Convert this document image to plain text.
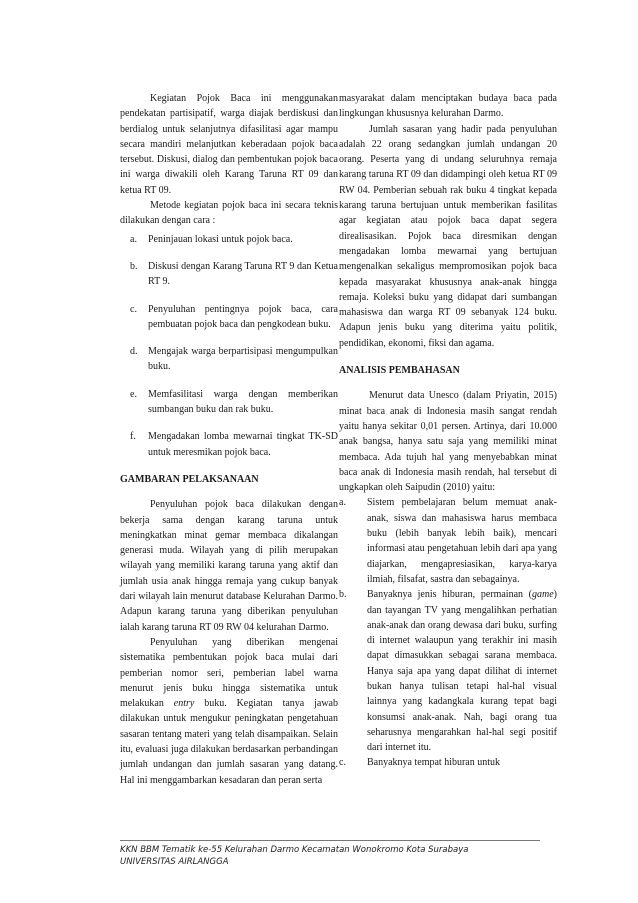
Kegiatan Pojok Baca ini menggunakan pendekatan partisipatif, warga diajak berdiskusi dan berdialog untuk selanjutnya difasilitasi agar mampu secara mandiri melanjutkan keberadaan pojok baca tersebut. Diskusi, dialog dan pembentukan pojok baca ini warga diwakili oleh Karang Taruna RT 09 dan ketua RT 09.

Metode kegiatan pojok baca ini secara teknis dilakukan dengan cara :

a. Peninjauan lokasi untuk pojok baca.
b. Diskusi dengan Karang Taruna RT 9 dan Ketua RT 9.
c. Penyuluhan pentingnya pojok baca, cara pembuatan pojok baca dan pengkodean buku.
d. Mengajak warga berpartisipasi mengumpulkan buku.
e. Memfasilitasi warga dengan memberikan sumbangan buku dan rak buku.
f. Mengadakan lomba mewarnai tingkat TK-SD untuk meresmikan pojok baca.
GAMBARAN PELAKSANAAN

Penyuluhan pojok baca dilakukan dengan bekerja sama dengan karang taruna untuk meningkatkan minat gemar membaca dikalangan generasi muda. Wilayah yang di pilih merupakan wilayah yang memiliki karang taruna yang aktif dan jumlah usia anak hingga remaja yang cukup banyak dari wilayah lain menurut database Kelurahan Darmo. Adapun karang taruna yang diberikan penyuluhan ialah karang taruna RT 09 RW 04 kelurahan Darmo.

Penyuluhan yang diberikan mengenai sistematika pembentukan pojok baca mulai dari pemberian nomor seri, pemberian label warna menurut jenis buku hingga sistematika untuk melakukan entry buku. Kegiatan tanya jawab dilakukan untuk mengukur peningkatan pengetahuan sasaran tentang materi yang telah disampaikan. Selain itu, evaluasi juga dilakukan berdasarkan perbandingan jumlah undangan dan jumlah sasaran yang datang. Hal ini menggambarkan kesadaran dan peran serta

masyarakat dalam menciptakan budaya baca pada lingkungan khususnya kelurahan Darmo.

Jumlah sasaran yang hadir pada penyuluhan adalah 22 orang sedangkan jumlah undangan 20 orang. Peserta yang di undang seluruhnya remaja karang taruna RT 09 dan didampingi oleh ketua RT 09 RW 04. Pemberian sebuah rak buku 4 tingkat kepada karang taruna bertujuan untuk memberikan fasilitas agar kegiatan atau pojok baca dapat segera direalisasikan. Pojok baca diresmikan dengan mengadakan lomba mewarnai yang bertujuan mengenalkan sekaligus mempromosikan pojok baca kepada masyarakat khususnya anak-anak hingga remaja. Koleksi buku yang didapat dari sumbangan mahasiswa dan warga RT 09 sebanyak 124 buku. Adapun jenis buku yang diterima yaitu politik, pendidikan, ekonomi, fiksi dan agama.

ANALISIS PEMBAHASAN

Menurut data Unesco (dalam Priyatin, 2015) minat baca anak di Indonesia masih sangat rendah yaitu hanya sekitar 0,01 persen. Artinya, dari 10.000 anak bangsa, hanya satu saja yang memiliki minat membaca. Ada tujuh hal yang menyebabkan minat baca anak di Indonesia masih rendah, hal tersebut di ungkapkan oleh Saipudin (2010) yaitu:

a. Sistem pembelajaran belum memuat anak-anak, siswa dan mahasiswa harus membaca buku (lebih banyak lebih baik), mencari informasi atau pengetahuan lebih dari apa yang diajarkan, mengapresiasikan, karya-karya ilmiah, filsafat, sastra dan sebagainya.
b. Banyaknya jenis hiburan, permainan (game) dan tayangan TV yang mengalihkan perhatian anak-anak dan orang dewasa dari buku, surfing di internet walaupun yang terakhir ini masih dapat dimasukkan sebagai sarana membaca. Hanya saja apa yang dapat dilihat di internet bukan hanya tulisan tetapi hal-hal visual lainnya yang kadangkala kurang tepat bagi konsumsi anak-anak. Nah, bagi orang tua seharusnya mengarahkan hal-hal segi positif dari internet itu.
c. Banyaknya tempat hiburan untuk
KKN BBM Tematik ke-55 Kelurahan Darmo Kecamatan Wonokromo Kota Surabaya
UNIVERSITAS AIRLANGGA
